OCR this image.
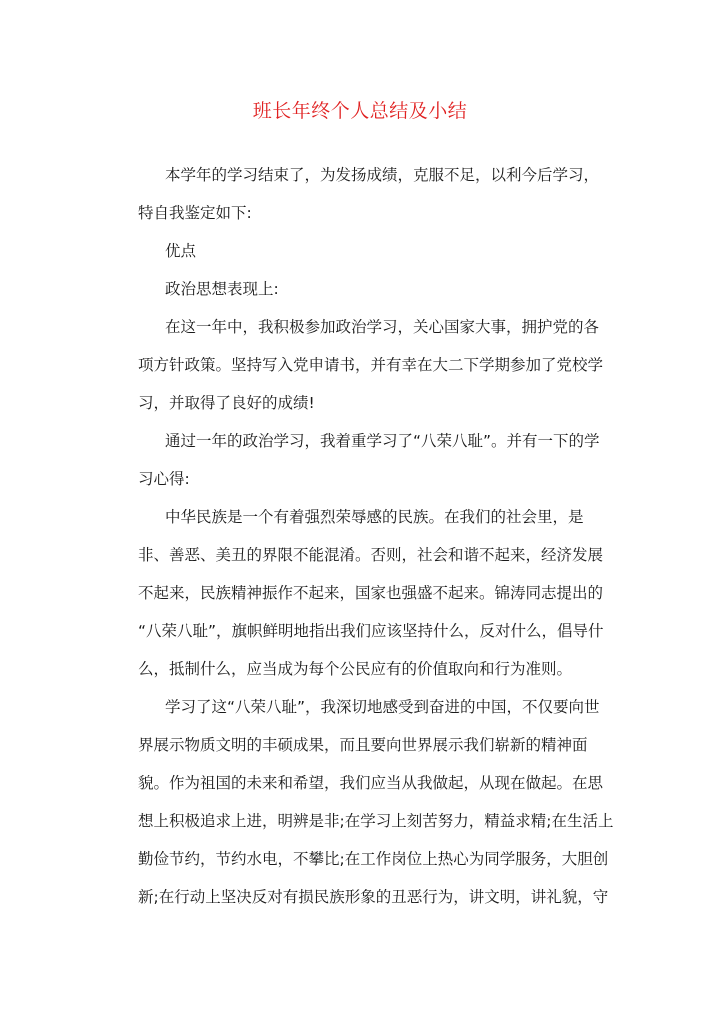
班长年终个人总结及小结
本学年的学习结束了，为发扬成绩，克服不足，以利今后学习，
特自我鉴定如下:
优点
政治思想表现上:
在这一年中，我积极参加政治学习，关心国家大事，拥护党的各
项方针政策。坚持写入党申请书，并有幸在大二下学期参加了党校学
习，并取得了良好的成绩!
通过一年的政治学习，我着重学习了“八荣八耻”。并有一下的学
习心得:
中华民族是一个有着强烈荣辱感的民族。在我们的社会里，是
非、善恶、美丑的界限不能混淆。否则，社会和谐不起来，经济发展
不起来，民族精神振作不起来，国家也强盛不起来。锦涛同志提出的
“八荣八耻”，旗帜鲜明地指出我们应该坚持什么，反对什么，倡导什
么，抵制什么，应当成为每个公民应有的价值取向和行为准则。
学习了这“八荣八耻”，我深切地感受到奋进的中国，不仅要向世
界展示物质文明的丰硕成果，而且要向世界展示我们崭新的精神面
貌。作为祖国的未来和希望，我们应当从我做起，从现在做起。在思
想上积极追求上进，明辨是非;在学习上刻苦努力，精益求精;在生活上
勤俭节约，节约水电，不攀比;在工作岗位上热心为同学服务，大胆创
新;在行动上坚决反对有损民族形象的丑恶行为，讲文明，讲礼貌，守
